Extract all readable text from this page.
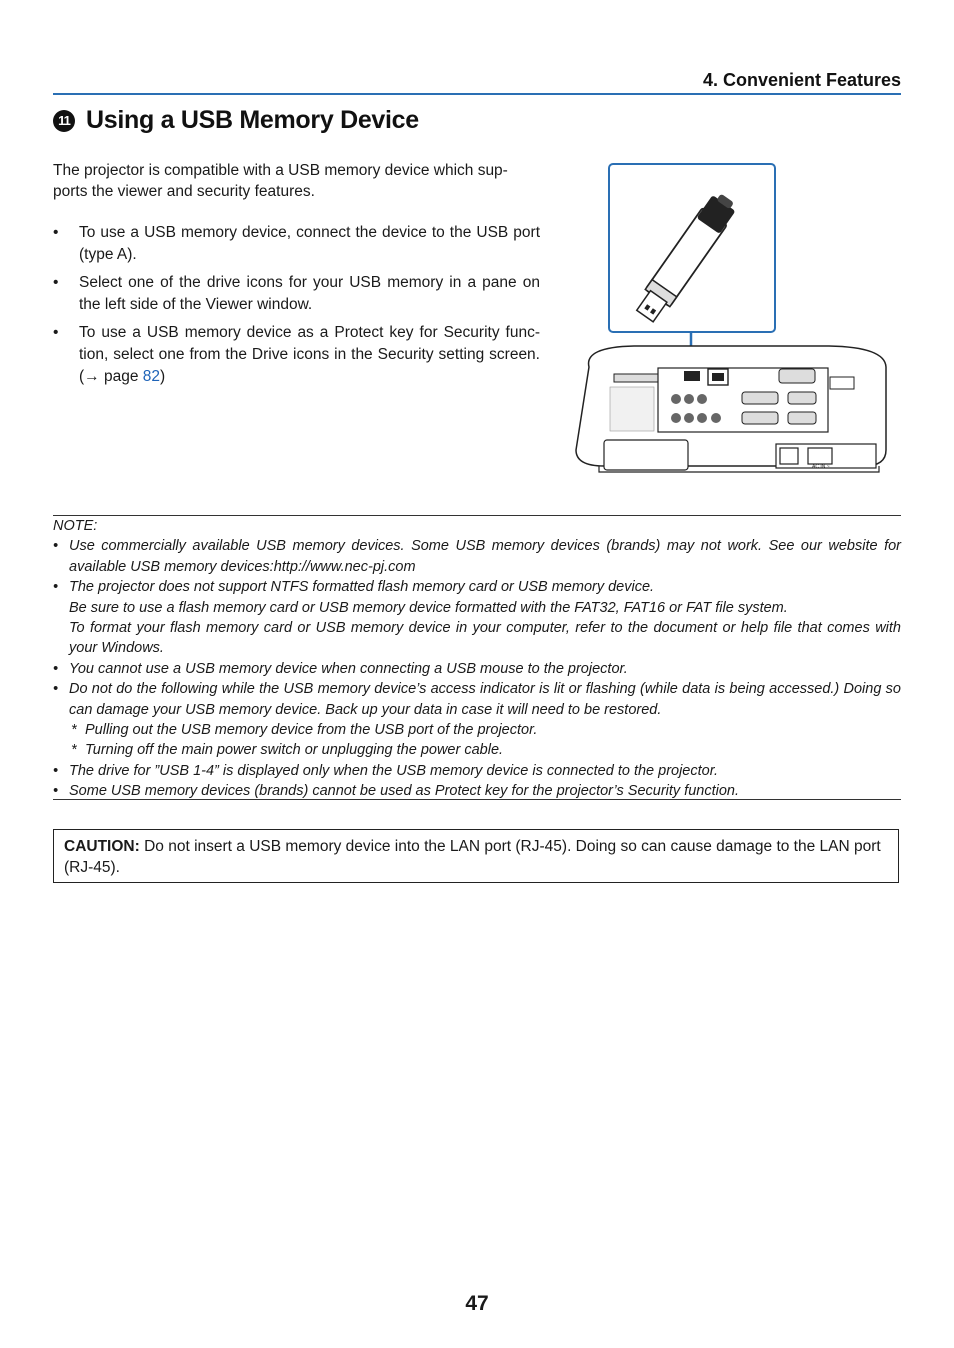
4. Convenient Features
11 Using a USB Memory Device

The projector is compatible with a USB memory device which sup-ports the viewer and security features.

• To use a USB memory device, connect the device to the USB port (type A).
• Select one of the drive icons for your USB memory in a pane on the left side of the Viewer window.
• To use a USB memory device as a Protect key for Security func-tion, select one from the Drive icons in the Security setting screen. (→ page 82)
AC IN ~

NOTE:

• Use commercially available USB memory devices. Some USB memory devices (brands) may not work. See our website for available USB memory devices:http://www.nec-pj.com
• The projector does not support NTFS formatted flash memory card or USB memory device.
Be sure to use a flash memory card or USB memory device formatted with the FAT32, FAT16 or FAT file system.
To format your flash memory card or USB memory device in your computer, refer to the document or help file that comes with your Windows.
• You cannot use a USB memory device when connecting a USB mouse to the projector.
• Do not do the following while the USB memory device’s access indicator is lit or flashing (while data is being accessed.) Doing so can damage your USB memory device. Back up your data in case it will need to be restored.
* Pulling out the USB memory device from the USB port of the projector.
* Turning off the main power switch or unplugging the power cable.
• The drive for ”USB 1-4” is displayed only when the USB memory device is connected to the projector.
• Some USB memory devices (brands) cannot be used as Protect key for the projector’s Security function.
CAUTION: Do not insert a USB memory device into the LAN port (RJ-45). Doing so can cause damage to the LAN port (RJ-45).
47
